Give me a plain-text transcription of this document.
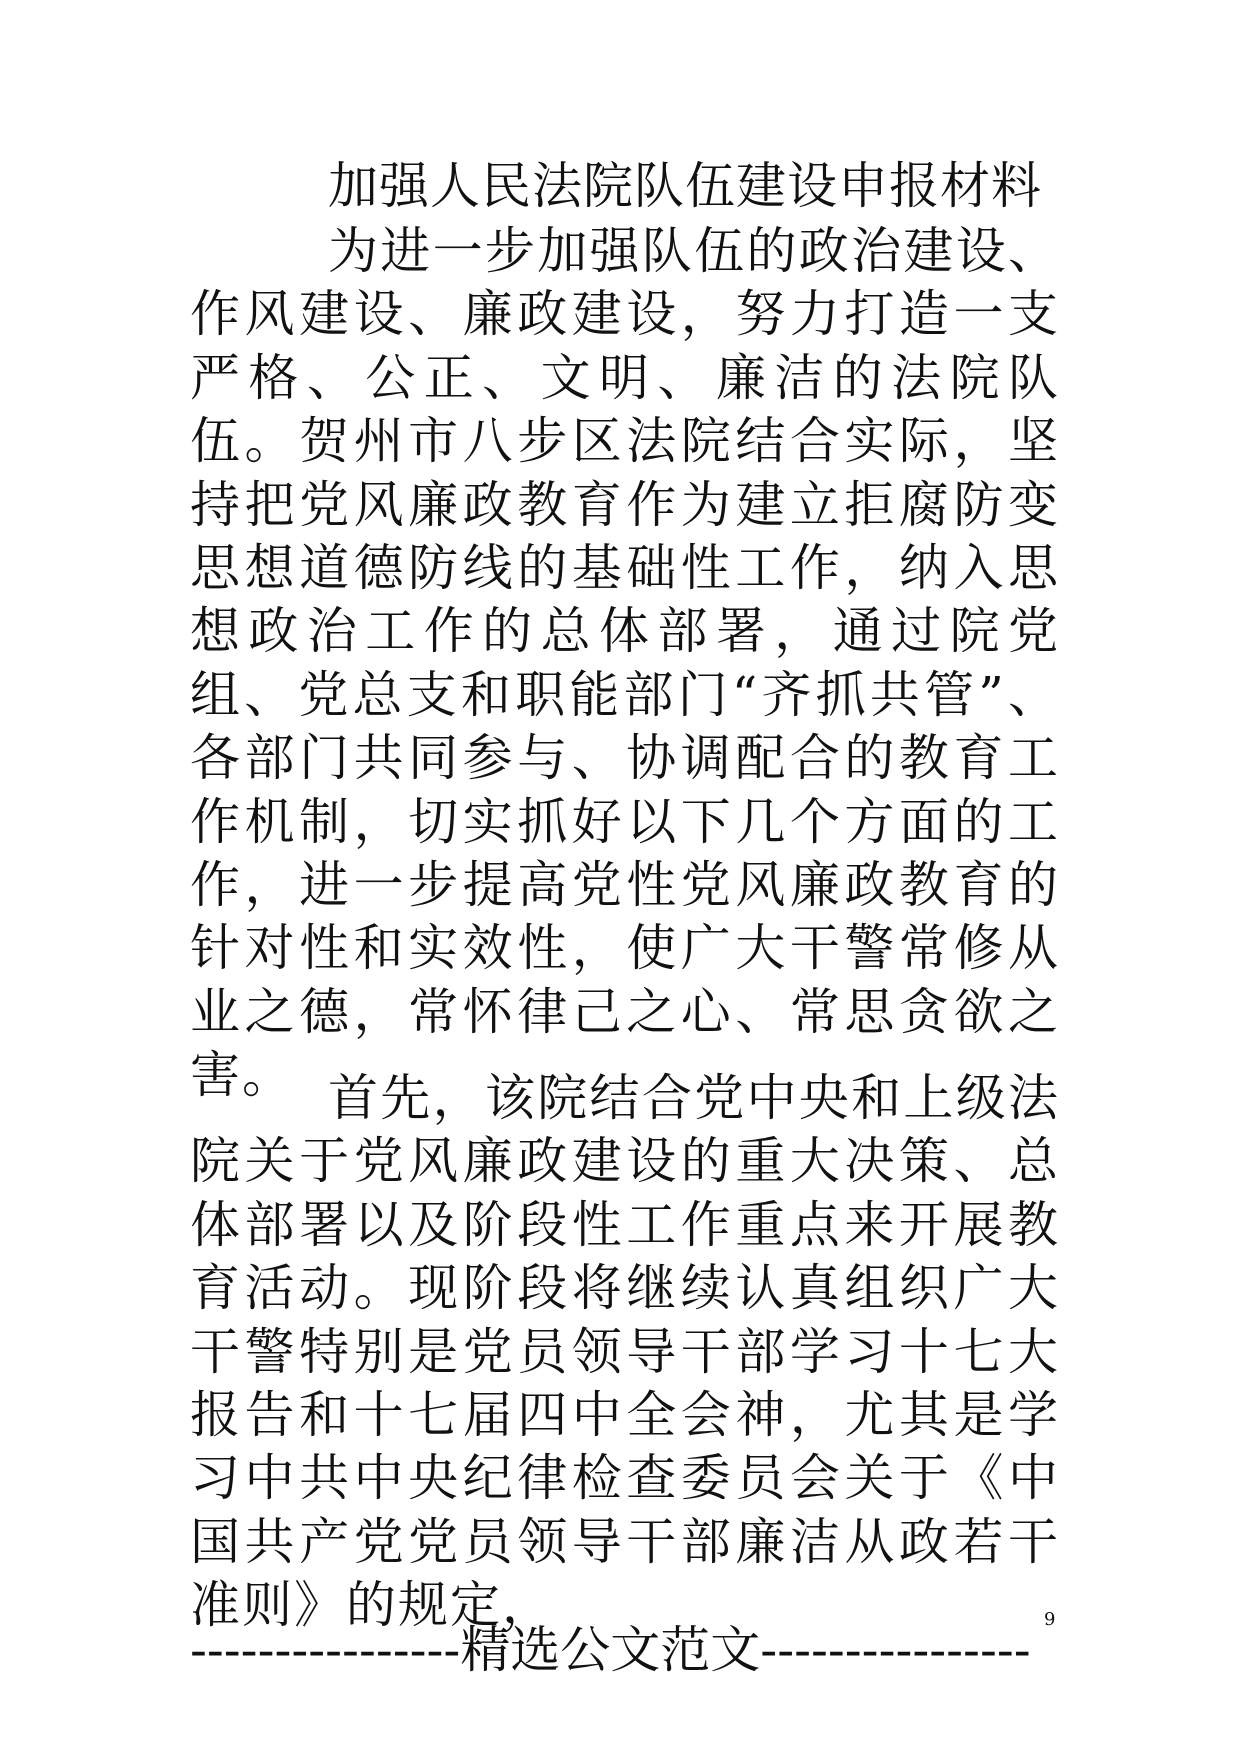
加强人民法院队伍建设申报材料

为进一步加强队伍的政治建设、作风建设、廉政建设，努力打造一支严格、公正、文明、廉洁的法院队伍。贺州市八步区法院结合实际，坚持把党风廉政教育作为建立拒腐防变思想道德防线的基础性工作，纳入思想政治工作的总体部署，通过院党组、党总支和职能部门“齐抓共管”、各部门共同参与、协调配合的教育工作机制，切实抓好以下几个方面的工作，进一步提高党性党风廉政教育的针对性和实效性，使广大干警常修从业之德，常怀律己之心、常思贪欲之害。 首先，该院结合党中央和上级法院关于党风廉政建设的重大决策、总体部署以及阶段性工作重点来开展教育活动。现阶段将继续认真组织广大干警特别是党员领导干部学习十七大报告和十七届四中全会神，尤其是学习中共中央纪律检查委员会关于《中国共产党党员领导干部廉洁从政若干准则》的规定，	9
----------------精选公文范文----------------
